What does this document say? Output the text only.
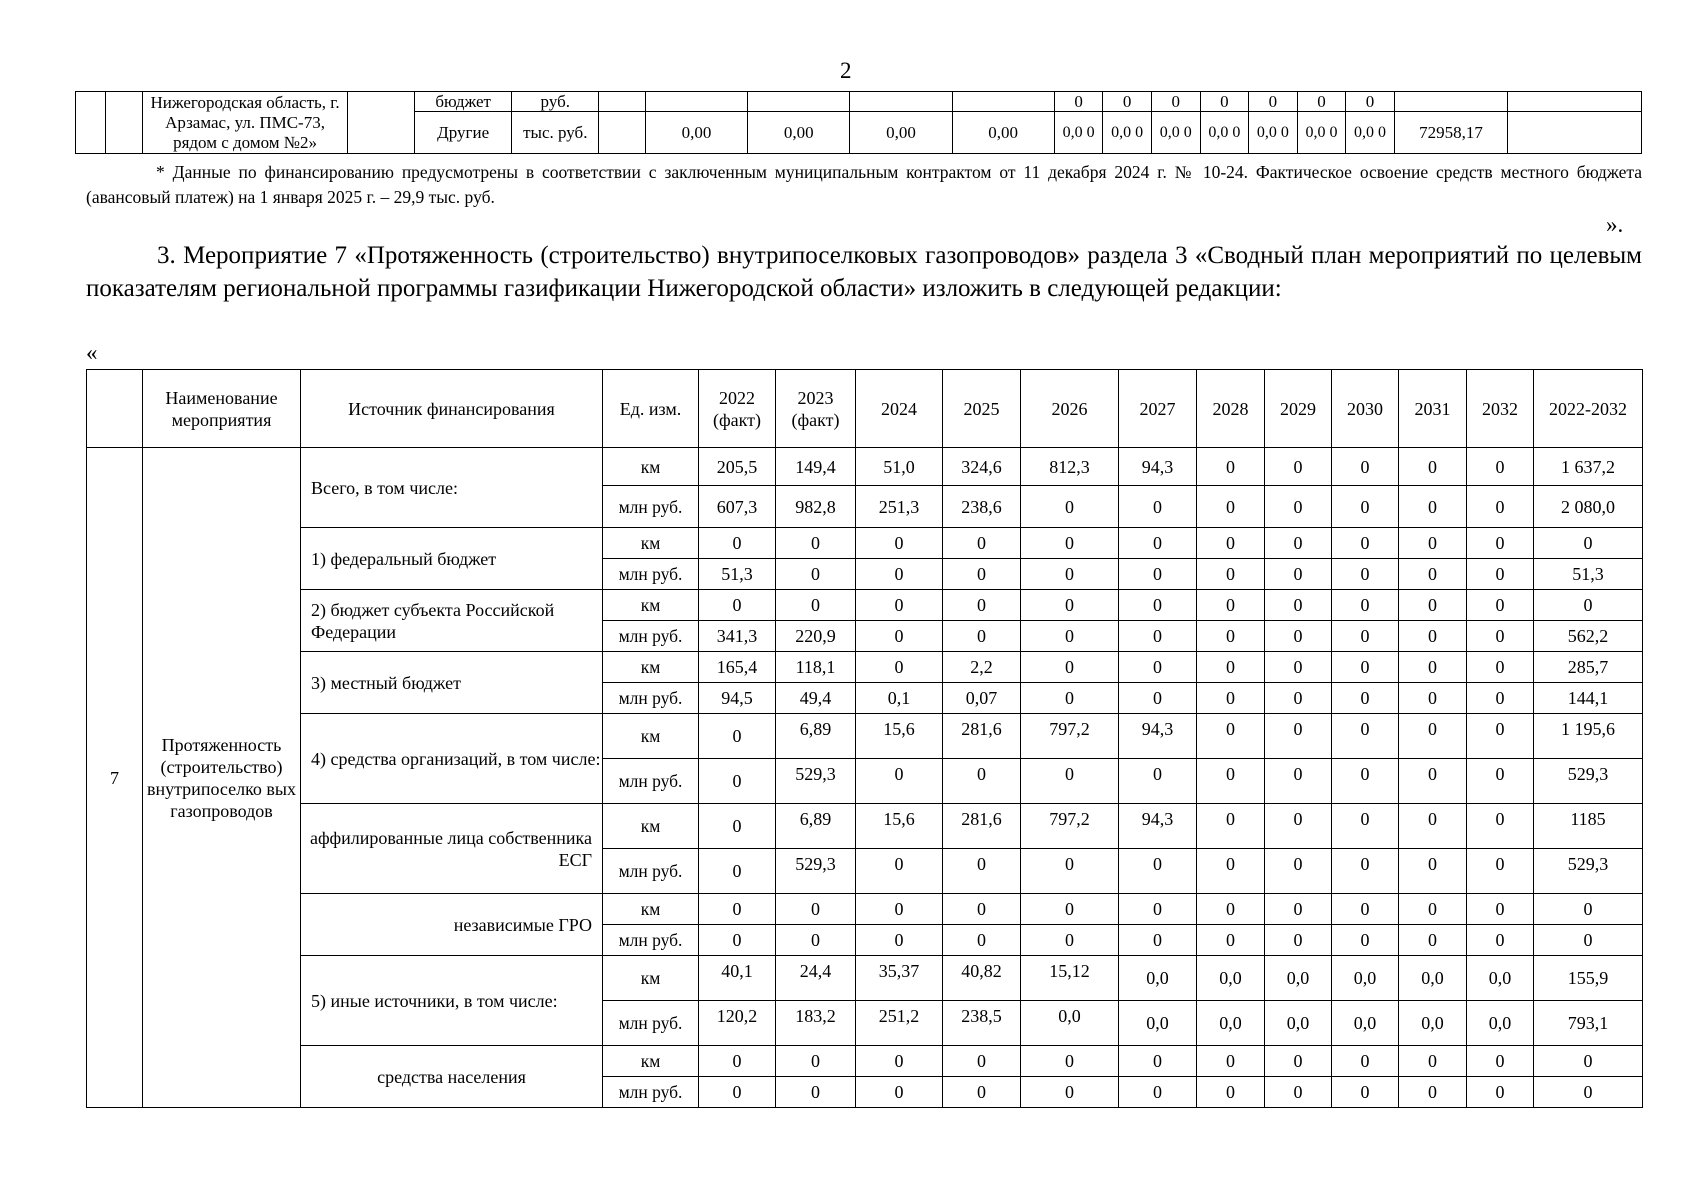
2
		Нижегородская область, г. Арзамас, ул. ПМС-73, рядом с домом №2»		бюджет	руб.						0	0	0	0	0	0	0		
				Другие	тыс. руб.		0,00	0,00	0,00	0,00	0,0 0	0,0 0	0,0 0	0,0 0	0,0 0	0,0 0	0,0 0	72958,17	
* Данные по финансированию предусмотрены в соответствии с заключенным муниципальным контрактом от 11 декабря 2024 г. № 10-24. Фактическое освоение средств местного бюджета (авансовый платеж) на 1 января 2025 г. – 29,9 тыс. руб.
».
3. Мероприятие 7 «Протяженность (строительство) внутрипоселковых газопроводов» раздела 3 «Сводный план мероприятий по целевым показателям региональной программы газификации Нижегородской области» изложить в следующей редакции:
«
	Наименование мероприятия	Источник финансирования	Ед. изм.	2022 (факт)	2023 (факт)	2024	2025	2026	2027	2028	2029	2030	2031	2032	2022-2032
7	Протяженность (строительство) внутрипоселко вых газопроводов	Всего, в том числе:	км	205,5	149,4	51,0	324,6	812,3	94,3	0	0	0	0	0	1 637,2
			млн руб.	607,3	982,8	251,3	238,6	0	0	0	0	0	0	0	2 080,0
		1) федеральный бюджет	км	0	0	0	0	0	0	0	0	0	0	0	0
			млн руб.	51,3	0	0	0	0	0	0	0	0	0	0	51,3
		2) бюджет субъекта Российской Федерации	км	0	0	0	0	0	0	0	0	0	0	0	0
			млн руб.	341,3	220,9	0	0	0	0	0	0	0	0	0	562,2
		3) местный бюджет	км	165,4	118,1	0	2,2	0	0	0	0	0	0	0	285,7
			млн руб.	94,5	49,4	0,1	0,07	0	0	0	0	0	0	0	144,1
		4) средства организаций, в том числе:	км	0	6,89	15,6	281,6	797,2	94,3	0	0	0	0	0	1 195,6
			млн руб.	0	529,3	0	0	0	0	0	0	0	0	0	529,3
		аффилированные лица собственника ЕСГ	км	0	6,89	15,6	281,6	797,2	94,3	0	0	0	0	0	1185
			млн руб.	0	529,3	0	0	0	0	0	0	0	0	0	529,3
		независимые ГРО	км	0	0	0	0	0	0	0	0	0	0	0	0
			млн руб.	0	0	0	0	0	0	0	0	0	0	0	0
		5) иные источники, в том числе:	км	40,1	24,4	35,37	40,82	15,12	0,0	0,0	0,0	0,0	0,0	0,0	155,9
			млн руб.	120,2	183,2	251,2	238,5	0,0	0,0	0,0	0,0	0,0	0,0	0,0	793,1
		средства населения	км	0	0	0	0	0	0	0	0	0	0	0	0
			млн руб.	0	0	0	0	0	0	0	0	0	0	0	0
